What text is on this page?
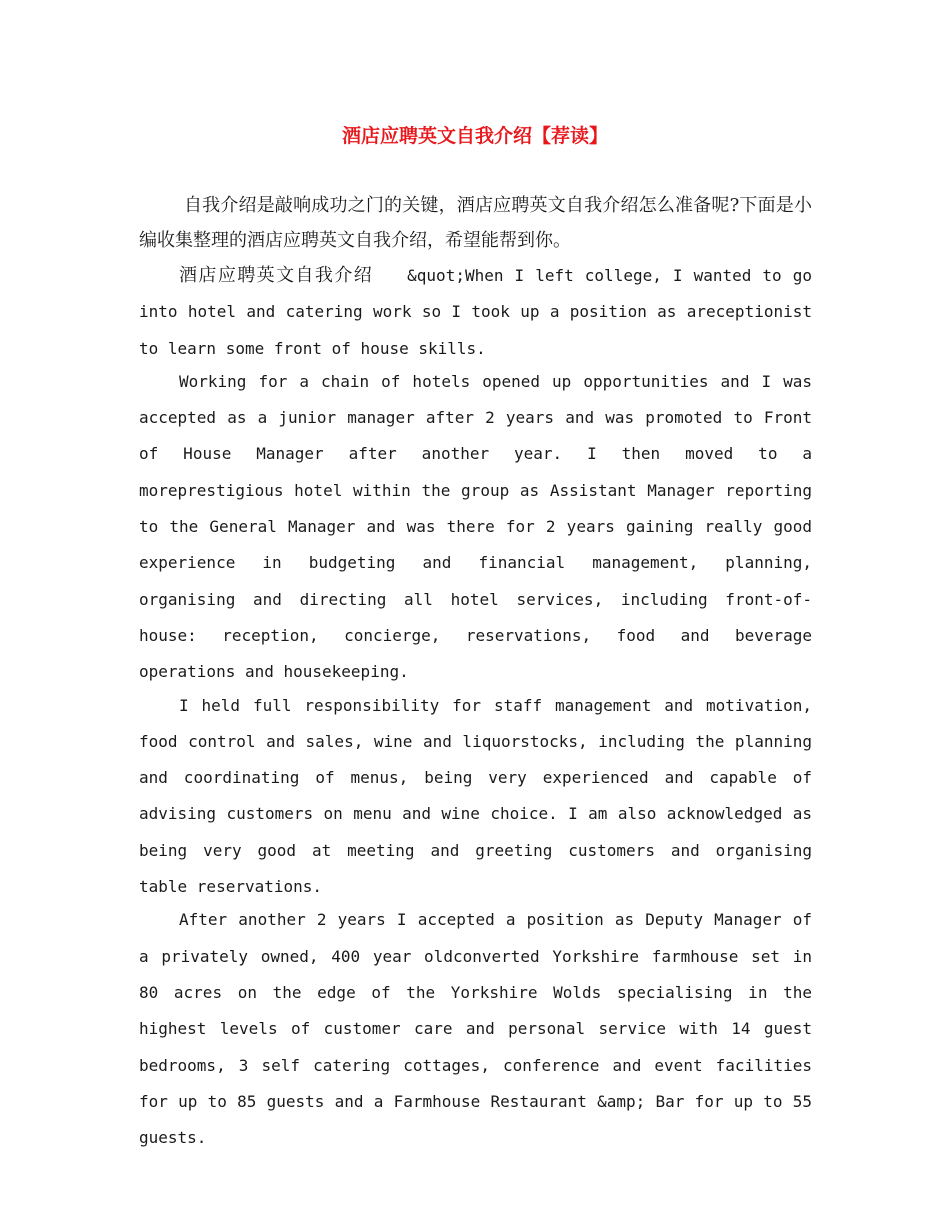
酒店应聘英文自我介绍【荐读】

自我介绍是敲响成功之门的关键，酒店应聘英文自我介绍怎么准备呢?下面是小编收集整理的酒店应聘英文自我介绍，希望能帮到你。

酒店应聘英文自我介绍 &quot;When I left college, I wanted to go into hotel and catering work so I took up a position as areceptionist to learn some front of house skills.

Working for a chain of hotels opened up opportunities and I was accepted as a junior manager after 2 years and was promoted to Front of House Manager after another year. I then moved to a moreprestigious hotel within the group as Assistant Manager reporting to the General Manager and was there for 2 years gaining really good experience in budgeting and financial management, planning, organising and directing all hotel services, including front-of-house: reception, concierge, reservations, food and beverage operations and housekeeping.

I held full responsibility for staff management and motivation, food control and sales, wine and liquorstocks, including the planning and coordinating of menus, being very experienced and capable of advising customers on menu and wine choice. I am also acknowledged as being very good at meeting and greeting customers and organising table reservations.

After another 2 years I accepted a position as Deputy Manager of a privately owned, 400 year oldconverted Yorkshire farmhouse set in 80 acres on the edge of the Yorkshire Wolds specialising in the highest levels of customer care and personal service with 14 guest bedrooms, 3 self catering cottages, conference and event facilities for up to 85 guests and a Farmhouse Restaurant &amp; Bar for up to 55 guests.
